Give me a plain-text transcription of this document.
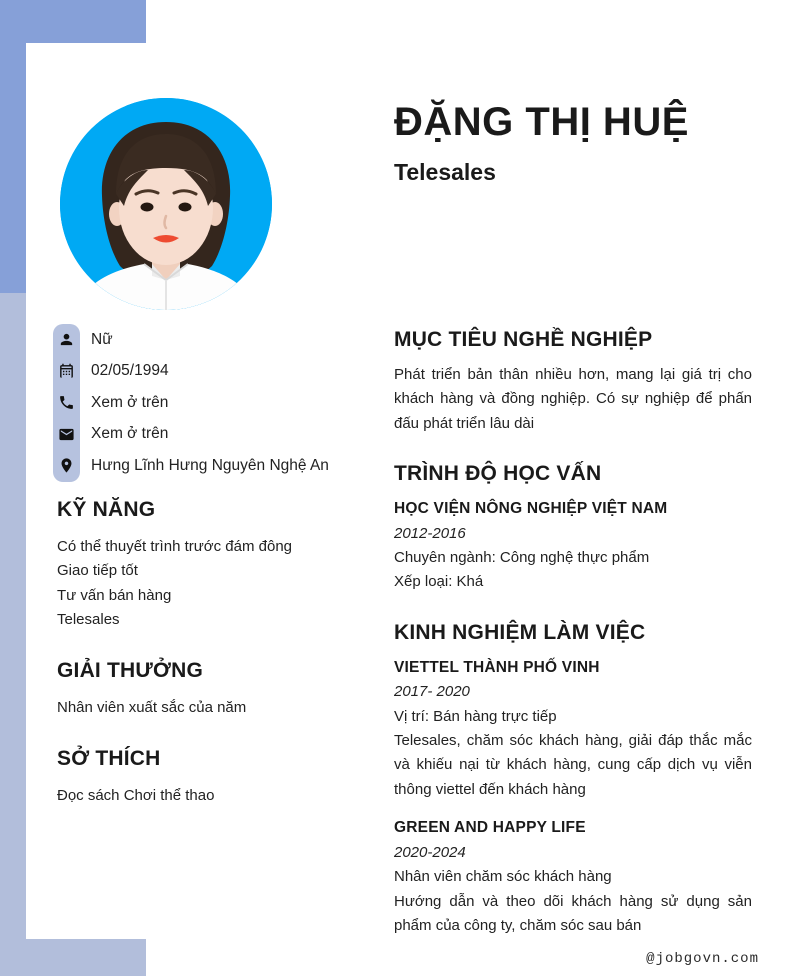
ĐẶNG THỊ HUỆ
Telesales
Nữ
02/05/1994
Xem ở trên
Xem ở trên
Hưng Lĩnh Hưng Nguyên Nghệ An
KỸ NĂNG

Có thể thuyết trình trước đám đông

Giao tiếp tốt

Tư vấn bán hàng

Telesales

GIẢI THƯỞNG

Nhân viên xuất sắc của năm

SỞ THÍCH

Đọc sách Chơi thể thao

MỤC TIÊU NGHỀ NGHIỆP

Phát triển bản thân nhiều hơn, mang lại giá trị cho khách hàng và đồng nghiệp. Có sự nghiệp để phấn đấu phát triển lâu dài

TRÌNH ĐỘ HỌC VẤN
HỌC VIỆN NÔNG NGHIỆP VIỆT NAM
2012-2016

Chuyên ngành: Công nghệ thực phẩm

Xếp loại: Khá

KINH NGHIỆM LÀM VIỆC
VIETTEL THÀNH PHỐ VINH
2017- 2020

Vị trí: Bán hàng trực tiếp

Telesales, chăm sóc khách hàng, giải đáp thắc mắc và khiếu nại từ khách hàng, cung cấp dịch vụ viễn thông viettel đến khách hàng

GREEN AND HAPPY LIFE
2020-2024

Nhân viên chăm sóc khách hàng

Hướng dẫn và theo dõi khách hàng sử dụng sản phẩm của công ty, chăm sóc sau bán

@jobgovn.com
